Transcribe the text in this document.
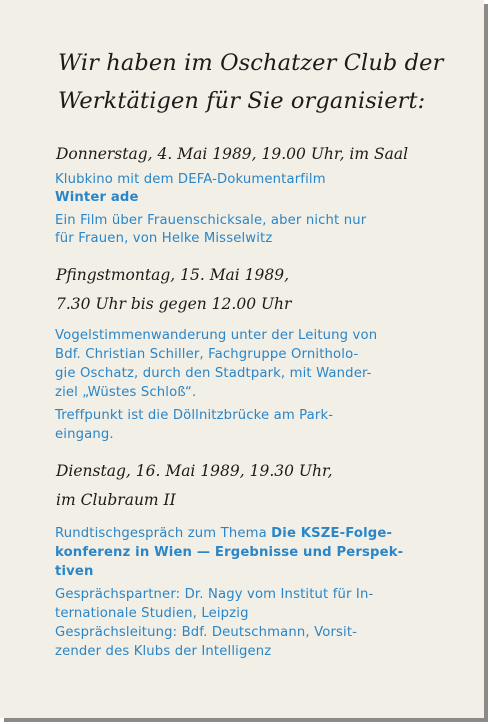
Wir haben im Oschatzer Club der
Werktätigen für Sie organisiert:
Donnerstag, 4. Mai 1989, 19.00 Uhr, im Saal
Klubkino mit dem DEFA-Dokumentarfilm
Winter ade
Ein Film über Frauenschicksale, aber nicht nur
für Frauen, von Helke Misselwitz
Pfingstmontag, 15. Mai 1989,
7.30 Uhr bis gegen 12.00 Uhr
Vogelstimmenwanderung unter der Leitung von
Bdf. Christian Schiller, Fachgruppe Ornitholo-
gie Oschatz, durch den Stadtpark, mit Wander-
ziel „Wüstes Schloß“.
Treffpunkt ist die Döllnitzbrücke am Park-
eingang.
Dienstag, 16. Mai 1989, 19.30 Uhr,
im Clubraum II
Rundtischgespräch zum Thema Die KSZE-Folge-
konferenz in Wien — Ergebnisse und Perspek-
tiven
Gesprächspartner: Dr. Nagy vom Institut für In-
ternationale Studien, Leipzig
Gesprächsleitung: Bdf. Deutschmann, Vorsit-
zender des Klubs der Intelligenz
